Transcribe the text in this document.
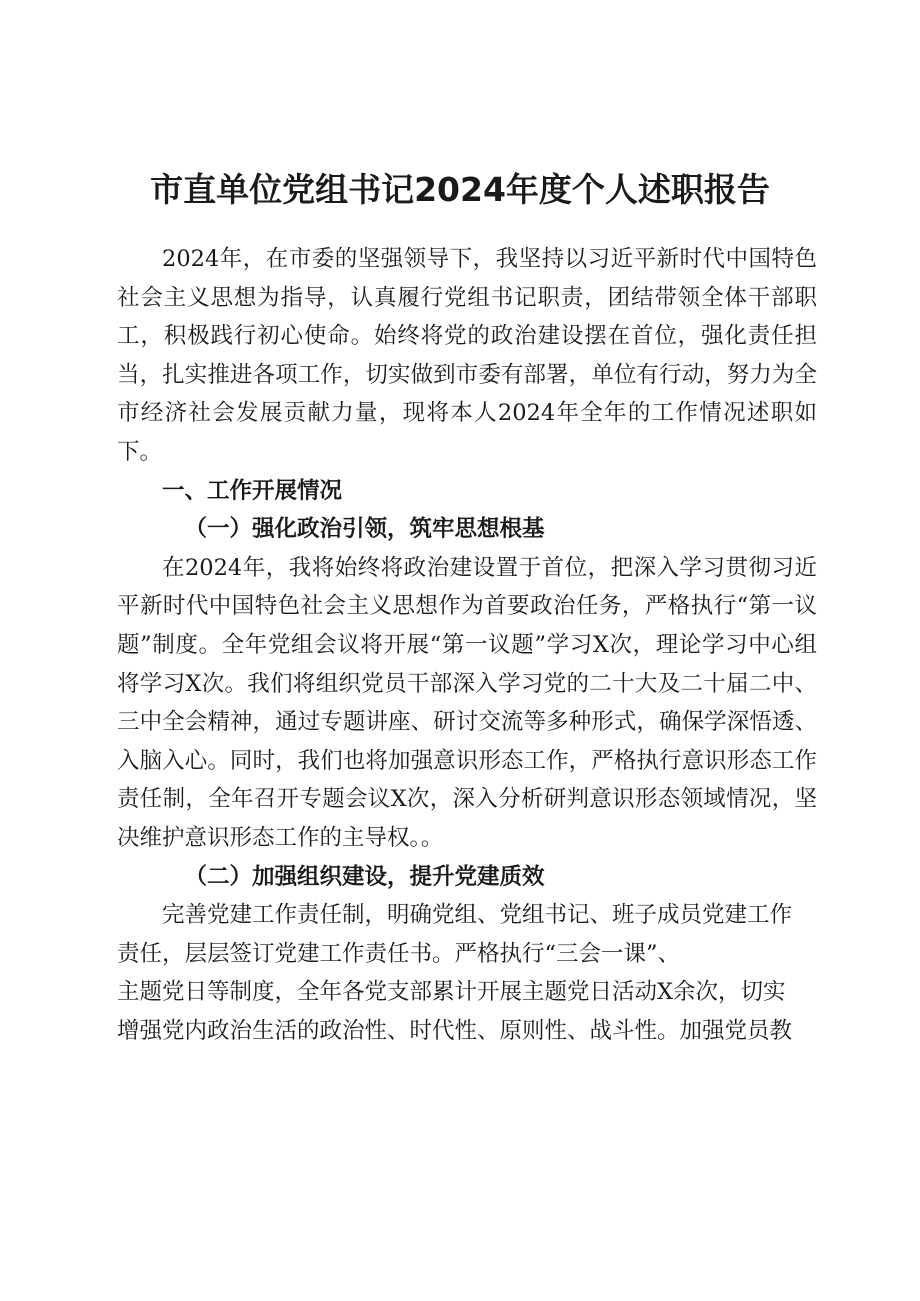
市直单位党组书记2024年度个人述职报告

2024年，在市委的坚强领导下，我坚持以习近平新时代中国特色社会主义思想为指导，认真履行党组书记职责，团结带领全体干部职工，积极践行初心使命。始终将党的政治建设摆在首位，强化责任担当，扎实推进各项工作，切实做到市委有部署，单位有行动，努力为全市经济社会发展贡献力量，现将本人2024年全年的工作情况述职如下。

一、工作开展情况

（一）强化政治引领，筑牢思想根基

在2024年，我将始终将政治建设置于首位，把深入学习贯彻习近平新时代中国特色社会主义思想作为首要政治任务，严格执行“第一议题”制度。全年党组会议将开展“第一议题”学习X次，理论学习中心组将学习X次。我们将组织党员干部深入学习党的二十大及二十届二中、三中全会精神，通过专题讲座、研讨交流等多种形式，确保学深悟透、入脑入心。同时，我们也将加强意识形态工作，严格执行意识形态工作责任制，全年召开专题会议X次，深入分析研判意识形态领域情况，坚决维护意识形态工作的主导权。。

（二）加强组织建设，提升党建质效

完善党建工作责任制，明确党组、党组书记、班子成员党建工作
责任，层层签订党建工作责任书。严格执行“三会一课”、
主题党日等制度，全年各党支部累计开展主题党日活动X余次，切实
增强党内政治生活的政治性、时代性、原则性、战斗性。加强党员教
